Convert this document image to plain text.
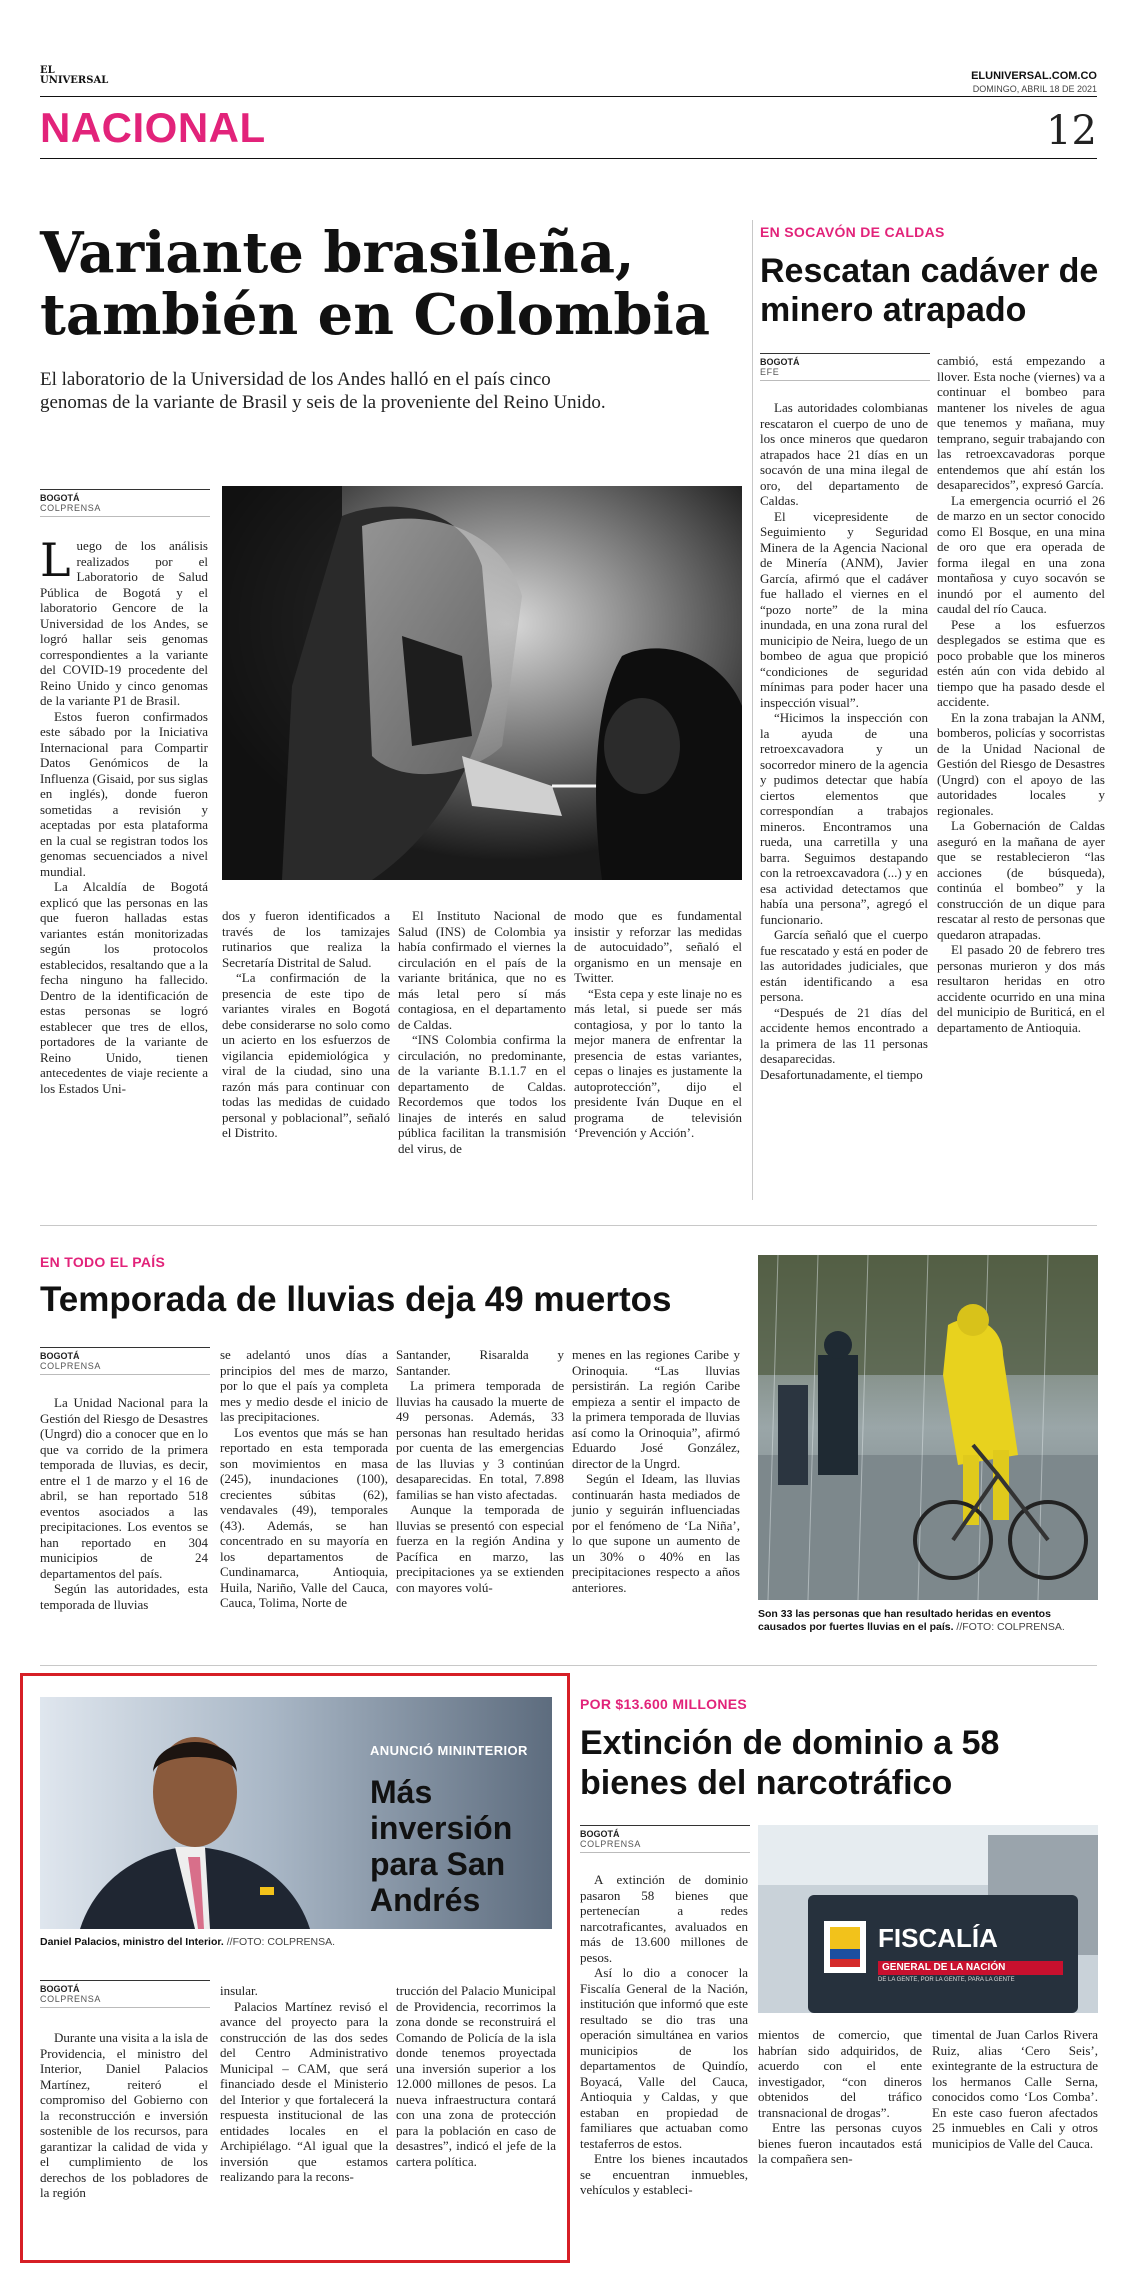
EL UNIVERSAL	ELUNIVERSAL.COM.CO
DOMINGO, ABRIL 18 DE 2021
NACIONAL	12
Variante brasileña, también en Colombia
El laboratorio de la Universidad de los Andes halló en el país cinco genomas de la variante de Brasil y seis de la proveniente del Reino Unido.
BOGOTÁ
COLPRENSA

Luego de los análisis realizados por el Laboratorio de Salud Pública de Bogotá y el laboratorio Gencore de la Universidad de los Andes, se logró hallar seis genomas correspondientes a la variante del COVID-19 procedente del Reino Unido y cinco genomas de la variante P1 de Brasil.

Estos fueron confirmados este sábado por la Iniciativa Internacional para Compartir Datos Genómicos de la Influenza (Gisaid, por sus siglas en inglés), donde fueron sometidas a revisión y aceptadas por esta plataforma en la cual se registran todos los genomas secuenciados a nivel mundial.

La Alcaldía de Bogotá explicó que las personas en las que fueron halladas estas variantes están monitorizadas según los protocolos establecidos, resaltando que a la fecha ninguno ha fallecido. Dentro de la identificación de estas personas se logró establecer que tres de ellos, portadores de la variante de Reino Unido, tienen antecedentes de viaje reciente a los Estados Uni-

dos y fueron identificados a través de los tamizajes rutinarios que realiza la Secretaría Distrital de Salud.

“La confirmación de la presencia de este tipo de variantes virales en Bogotá debe considerarse no solo como un acierto en los esfuerzos de vigilancia epidemiológica y viral de la ciudad, sino una razón más para continuar con todas las medidas de cuidado personal y poblacional”, señaló el Distrito.

El Instituto Nacional de Salud (INS) de Colombia ya había confirmado el viernes la circulación en el país de la variante británica, que no es más letal pero sí más contagiosa, en el departamento de Caldas.

“INS Colombia confirma la circulación, no predominante, de la variante B.1.1.7 en el departamento de Caldas. Recordemos que todos los linajes de interés en salud pública facilitan la transmisión del virus, de

modo que es fundamental insistir y reforzar las medidas de autocuidado”, señaló el organismo en un mensaje en Twitter.

“Esta cepa y este linaje no es más letal, si puede ser más contagiosa, y por lo tanto la mejor manera de enfrentar la presencia de estas variantes, cepas o linajes es justamente la autoprotección”, dijo el presidente Iván Duque en el programa de televisión ‘Prevención y Acción’.

EN SOCAVÓN DE CALDAS
Rescatan cadáver de minero atrapado
BOGOTÁ
EFE

Las autoridades colombianas rescataron el cuerpo de uno de los once mineros que quedaron atrapados hace 21 días en un socavón de una mina ilegal de oro, del departamento de Caldas.

El vicepresidente de Seguimiento y Seguridad Minera de la Agencia Nacional de Minería (ANM), Javier García, afirmó que el cadáver fue hallado el viernes en el “pozo norte” de la mina inundada, en una zona rural del municipio de Neira, luego de un bombeo de agua que propició “condiciones de seguridad mínimas para poder hacer una inspección visual”.

“Hicimos la inspección con la ayuda de una retroexcavadora y un socorredor minero de la agencia y pudimos detectar que había ciertos elementos que correspondían a trabajos mineros. Encontramos una rueda, una carretilla y una barra. Seguimos destapando con la retroexcavadora (...) y en esa actividad detectamos que había una persona”, agregó el funcionario.

García señaló que el cuerpo fue rescatado y está en poder de las autoridades judiciales, que están identificando a esa persona.

“Después de 21 días del accidente hemos encontrado a la primera de las 11 personas desaparecidas. Desafortunadamente, el tiempo

cambió, está empezando a llover. Esta noche (viernes) va a continuar el bombeo para mantener los niveles de agua que tenemos y mañana, muy temprano, seguir trabajando con las retroexcavadoras porque entendemos que ahí están los desaparecidos”, expresó García.

La emergencia ocurrió el 26 de marzo en un sector conocido como El Bosque, en una mina de oro que era operada de forma ilegal en una zona montañosa y cuyo socavón se inundó por el aumento del caudal del río Cauca.

Pese a los esfuerzos desplegados se estima que es poco probable que los mineros estén aún con vida debido al tiempo que ha pasado desde el accidente.

En la zona trabajan la ANM, bomberos, policías y socorristas de la Unidad Nacional de Gestión del Riesgo de Desastres (Ungrd) con el apoyo de las autoridades locales y regionales.

La Gobernación de Caldas aseguró en la mañana de ayer que se restablecieron “las acciones (de búsqueda), continúa el bombeo” y la construcción de un dique para rescatar al resto de personas que quedaron atrapadas.

El pasado 20 de febrero tres personas murieron y dos más resultaron heridas en otro accidente ocurrido en una mina del municipio de Buriticá, en el departamento de Antioquia.

EN TODO EL PAÍS
Temporada de lluvias deja 49 muertos
BOGOTÁ
COLPRENSA

La Unidad Nacional para la Gestión del Riesgo de Desastres (Ungrd) dio a conocer que en lo que va corrido de la primera temporada de lluvias, es decir, entre el 1 de marzo y el 16 de abril, se han reportado 518 eventos asociados a las precipitaciones. Los eventos se han reportado en 304 municipios de 24 departamentos del país.

Según las autoridades, esta temporada de lluvias

se adelantó unos días a principios del mes de marzo, por lo que el país ya completa mes y medio desde el inicio de las precipitaciones.

Los eventos que más se han reportado en esta temporada son movimientos en masa (245), inundaciones (100), crecientes súbitas (62), vendavales (49), temporales (43). Además, se han concentrado en su mayoría en los departamentos de Cundinamarca, Antioquia, Huila, Nariño, Valle del Cauca, Cauca, Tolima, Norte de

Santander, Risaralda y Santander.

La primera temporada de lluvias ha causado la muerte de 49 personas. Además, 33 personas han resultado heridas por cuenta de las emergencias de las lluvias y 3 continúan desaparecidas. En total, 7.898 familias se han visto afectadas.

Aunque la temporada de lluvias se presentó con especial fuerza en la región Andina y Pacífica en marzo, las precipitaciones ya se extienden con mayores volú-

menes en las regiones Caribe y Orinoquia. “Las lluvias persistirán. La región Caribe empieza a sentir el impacto de la primera temporada de lluvias así como la Orinoquia”, afirmó Eduardo José González, director de la Ungrd.

Según el Ideam, las lluvias continuarán hasta mediados de junio y seguirán influenciadas por el fenómeno de ‘La Niña’, lo que supone un aumento de un 30% o 40% en las precipitaciones respecto a años anteriores.

Son 33 las personas que han resultado heridas en eventos causados por fuertes lluvias en el país. //FOTO: COLPRENSA.
ANUNCIÓ MININTERIOR
Más inversión para San Andrés
Daniel Palacios, ministro del Interior. //FOTO: COLPRENSA.
BOGOTÁ
COLPRENSA

Durante una visita a la isla de Providencia, el ministro del Interior, Daniel Palacios Martínez, reiteró el compromiso del Gobierno con la reconstrucción e inversión sostenible de los recursos, para garantizar la calidad de vida y el cumplimiento de los derechos de los pobladores de la región

insular.

Palacios Martínez revisó el avance del proyecto para la construcción de las dos sedes del Centro Administrativo Municipal – CAM, que será financiado desde el Ministerio del Interior y que fortalecerá la respuesta institucional de las entidades locales en el Archipiélago. “Al igual que la inversión que estamos realizando para la recons-

trucción del Palacio Municipal de Providencia, recorrimos la zona donde se reconstruirá el Comando de Policía de la isla donde tenemos proyectada una inversión superior a los 12.000 millones de pesos. La nueva infraestructura contará con una zona de protección para la población en caso de desastres”, indicó el jefe de la cartera política.

POR $13.600 MILLONES
Extinción de dominio a 58 bienes del narcotráfico
BOGOTÁ
COLPRENSA

A extinción de dominio pasaron 58 bienes que pertenecían a redes narcotraficantes, avaluados en más de 13.600 millones de pesos.

Así lo dio a conocer la Fiscalía General de la Nación, institución que informó que este resultado se dio tras una operación simultánea en varios municipios de los departamentos de Quindío, Boyacá, Valle del Cauca, Antioquia y Caldas, y que estaban en propiedad de familiares que actuaban como testaferros de estos.

Entre los bienes incautados se encuentran inmuebles, vehículos y estableci-

FISCALÍA
GENERAL DE LA NACIÓN
DE LA GENTE, POR LA GENTE, PARA LA GENTE

mientos de comercio, que habrían sido adquiridos, de acuerdo con el ente investigador, “con dineros obtenidos del tráfico transnacional de drogas”.

Entre las personas cuyos bienes fueron incautados está la compañera sen-

timental de Juan Carlos Rivera Ruiz, alias ‘Cero Seis’, exintegrante de la estructura de los hermanos Calle Serna, conocidos como ‘Los Comba’. En este caso fueron afectados 25 inmuebles en Cali y otros municipios de Valle del Cauca.
